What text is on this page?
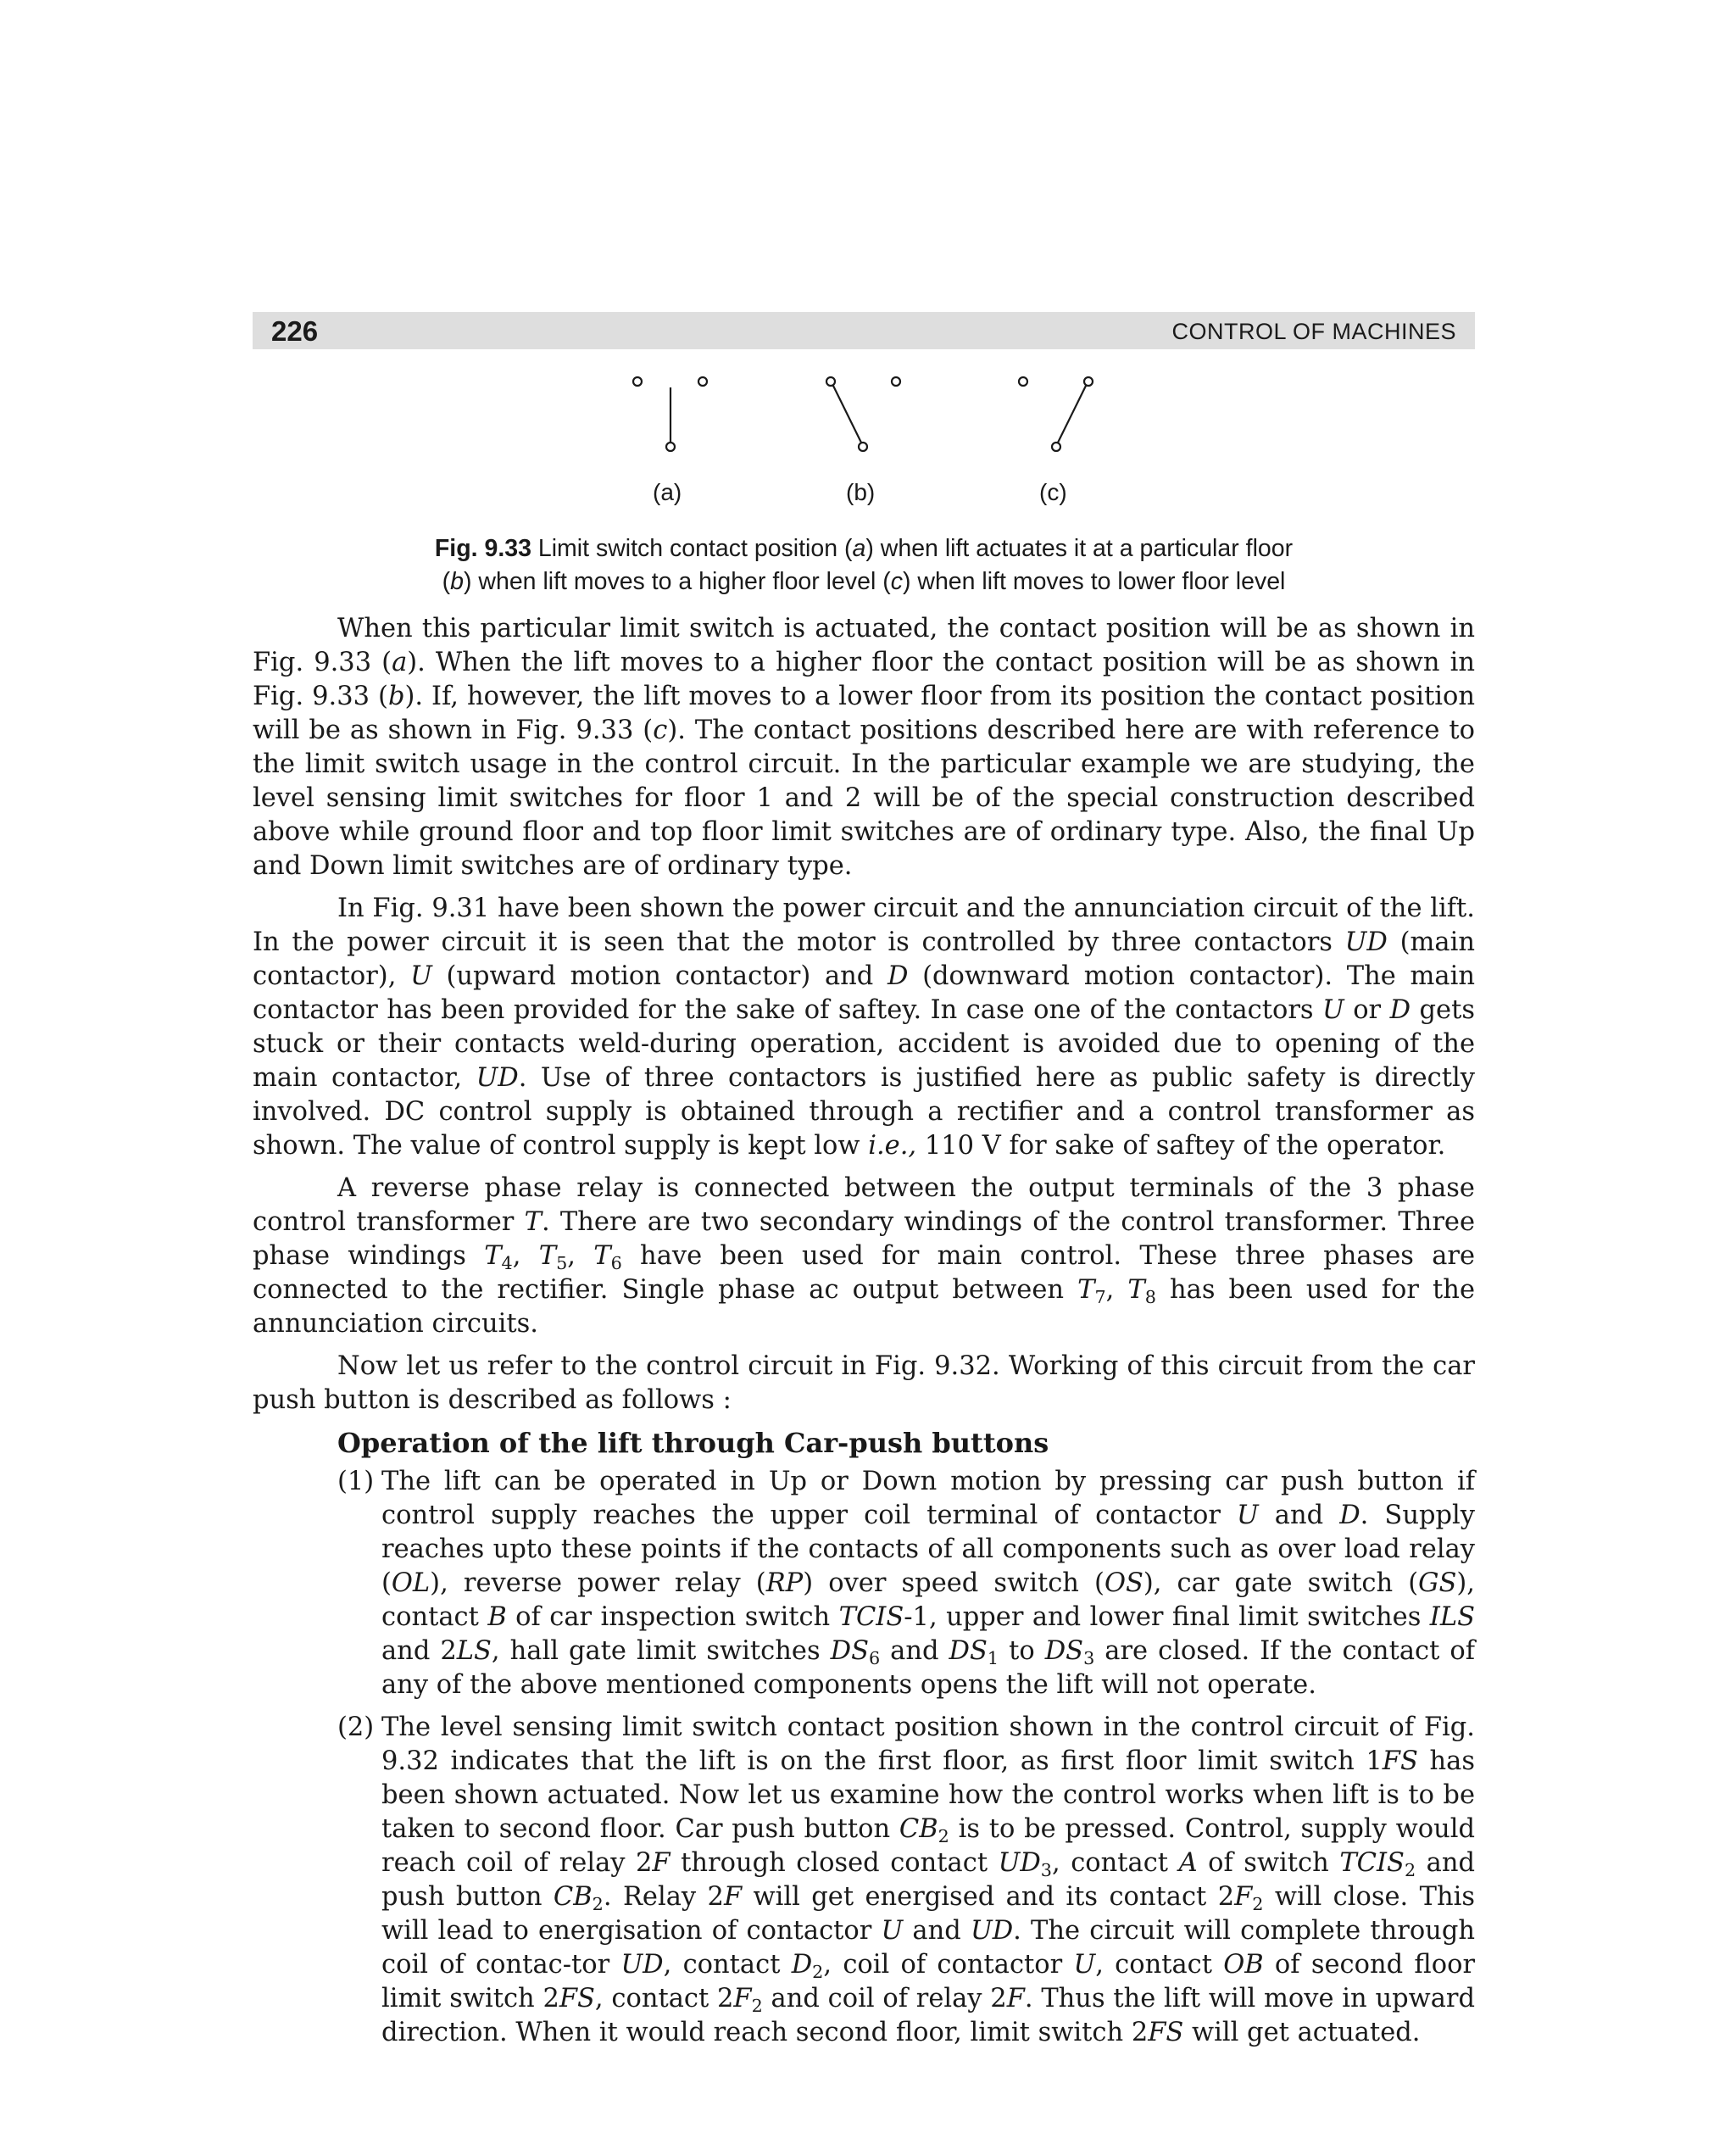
226	CONTROL OF MACHINES
(a)	(b)	(c)
Fig. 9.33 Limit switch contact position (a) when lift actuates it at a particular floor
(b) when lift moves to a higher floor level (c) when lift moves to lower floor level

When this particular limit switch is actuated, the contact position will be as shown in Fig. 9.33 (a). When the lift moves to a higher floor the contact position will be as shown in Fig. 9.33 (b). If, however, the lift moves to a lower floor from its position the contact position will be as shown in Fig. 9.33 (c). The contact positions described here are with reference to the limit switch usage in the control circuit. In the particular example we are studying, the level sensing limit switches for floor 1 and 2 will be of the special construction described above while ground floor and top floor limit switches are of ordinary type. Also, the final Up and Down limit switches are of ordinary type.

In Fig. 9.31 have been shown the power circuit and the annunciation circuit of the lift. In the power circuit it is seen that the motor is controlled by three contactors UD (main contactor), U (upward motion contactor) and D (downward motion contactor). The main contactor has been provided for the sake of saftey. In case one of the contactors U or D gets stuck or their contacts weld-during operation, accident is avoided due to opening of the main contactor, UD. Use of three contactors is justified here as public safety is directly involved. DC control supply is obtained through a rectifier and a control transformer as shown. The value of control supply is kept low i.e., 110 V for sake of saftey of the operator.

A reverse phase relay is connected between the output terminals of the 3 phase control transformer T. There are two secondary windings of the control transformer. Three phase windings $T_4$, $T_5$, $T_6$ have been used for main control. These three phases are connected to the rectifier. Single phase ac output between $T_7$, $T_8$ has been used for the annunciation circuits.

Now let us refer to the control circuit in Fig. 9.32. Working of this circuit from the car push button is described as follows :

Operation of the lift through Car-push buttons
(1) The lift can be operated in Up or Down motion by pressing car push button if control supply reaches the upper coil terminal of contactor U and D. Supply reaches upto these points if the contacts of all components such as over load relay (OL), reverse power relay (RP) over speed switch (OS), car gate switch (GS), contact B of car inspection switch TCIS-1, upper and lower final limit switches ILS and 2LS, hall gate limit switches $DS_6$ and $DS_1$ to $DS_3$ are closed. If the contact of any of the above mentioned components opens the lift will not operate.
(2) The level sensing limit switch contact position shown in the control circuit of Fig. 9.32 indicates that the lift is on the first floor, as first floor limit switch 1FS has been shown actuated. Now let us examine how the control works when lift is to be taken to second floor. Car push button $CB_2$ is to be pressed. Control, supply would reach coil of relay 2F through closed contact $UD_3$, contact A of switch $TCIS_2$ and push button $CB_2$. Relay 2F will get energised and its contact $2F_2$ will close. This will lead to energisation of contactor U and UD. The circuit will complete through coil of contac-tor UD, contact $D_2$, coil of contactor U, contact OB of second floor limit switch 2FS, contact $2F_2$ and coil of relay 2F. Thus the lift will move in upward direction. When it would reach second floor, limit switch 2FS will get actuated.
